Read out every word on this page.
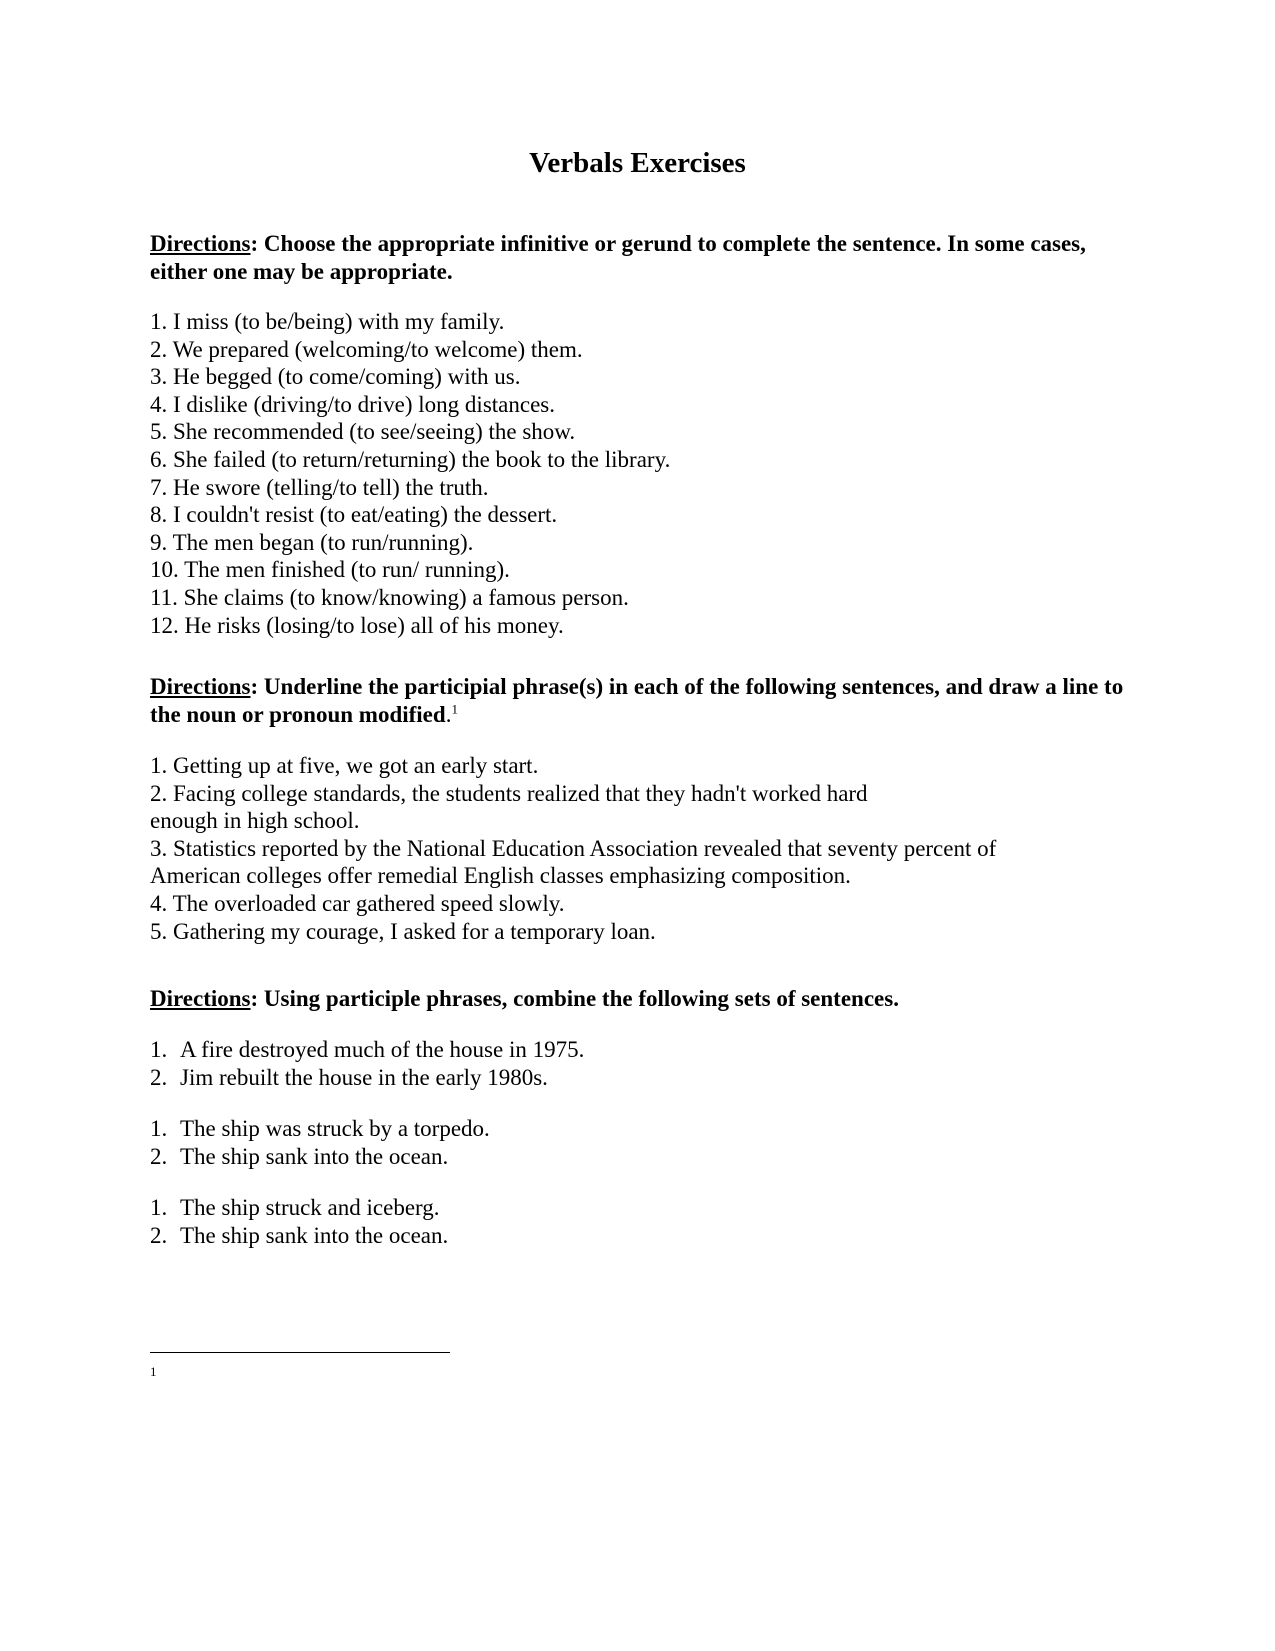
Verbals Exercises
Directions: Choose the appropriate infinitive or gerund to complete the sentence. In some cases, either one may be appropriate.
1. I miss (to be/being) with my family.
2. We prepared (welcoming/to welcome) them.
3. He begged (to come/coming) with us.
4. I dislike (driving/to drive) long distances.
5. She recommended (to see/seeing) the show.
6. She failed (to return/returning) the book to the library.
7. He swore (telling/to tell) the truth.
8. I couldn't resist (to eat/eating) the dessert.
9. The men began (to run/running).
10. The men finished (to run/ running).
11. She claims (to know/knowing) a famous person.
12. He risks (losing/to lose) all of his money.
Directions: Underline the participial phrase(s) in each of the following sentences, and draw a line to the noun or pronoun modified.$^1$
1. Getting up at five, we got an early start.
2. Facing college standards, the students realized that they hadn't worked hard
enough in high school.
3. Statistics reported by the National Education Association revealed that seventy percent of
American colleges offer remedial English classes emphasizing composition.
4. The overloaded car gathered speed slowly.
5. Gathering my courage, I asked for a temporary loan.
Directions: Using participle phrases, combine the following sets of sentences.
1. A fire destroyed much of the house in 1975.
2. Jim rebuilt the house in the early 1980s.
1. The ship was struck by a torpedo.
2. The ship sank into the ocean.
1. The ship struck and iceberg.
2. The ship sank into the ocean.
1
